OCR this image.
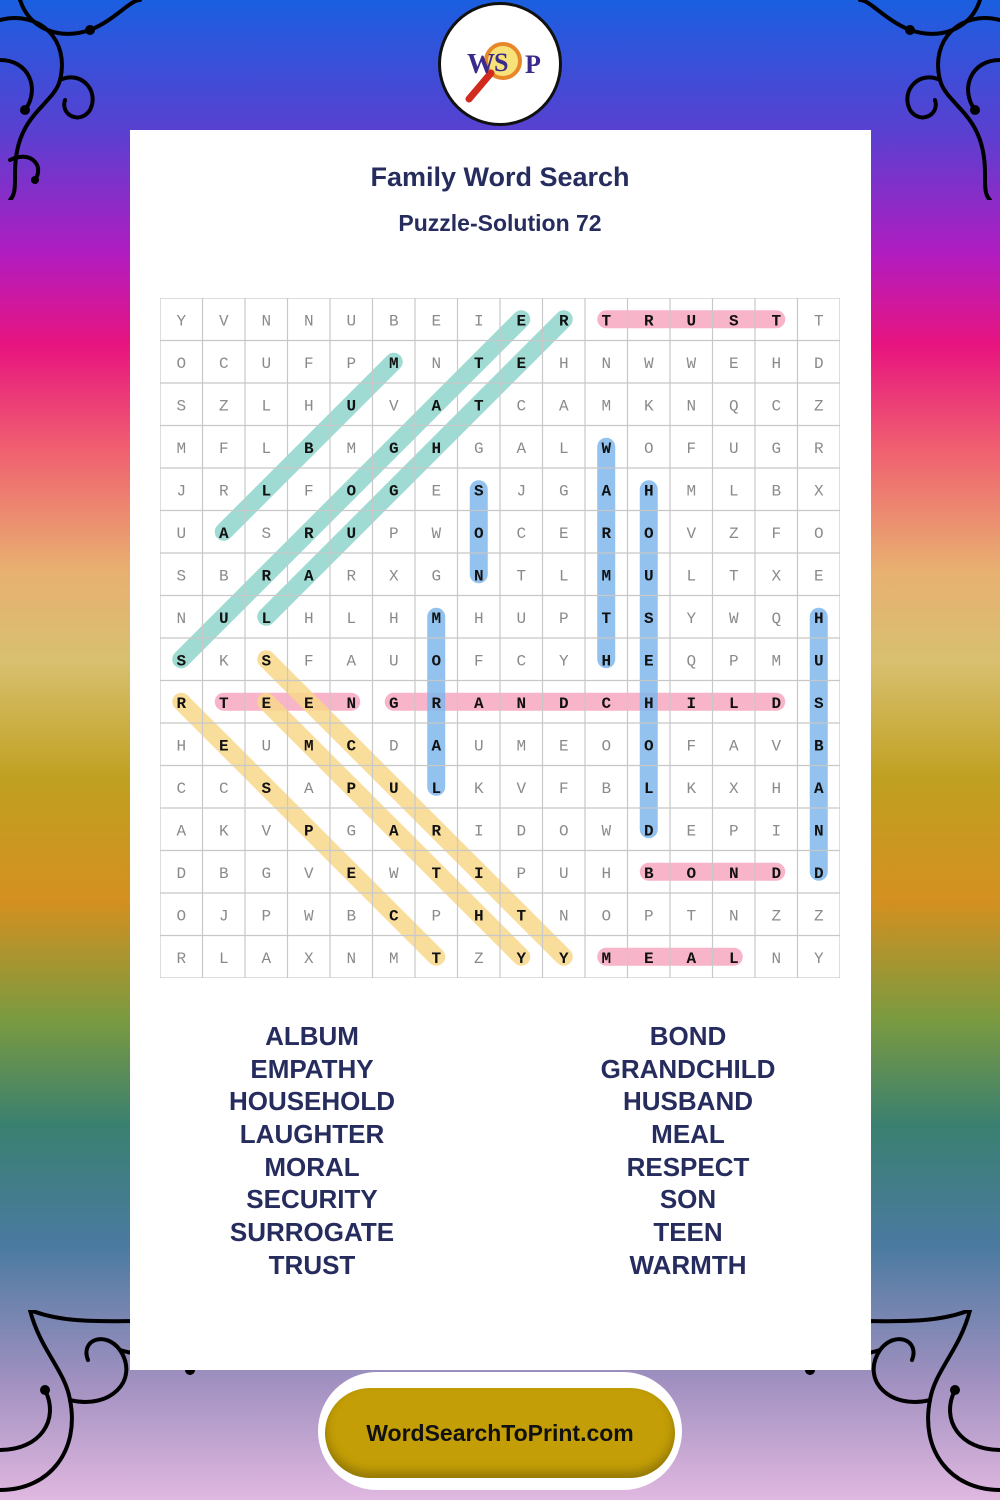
W S P
Family Word Search
Puzzle-Solution 72
Y V N N U B E I E R T R U S T T
O C U F P M N T E H N W W E H D
S Z L H U V A T C A M K N Q C Z
M F L B M G H G A L W O F U G R
J R L F O G E S J G A H M L B X
U A S R U P W O C E R O V Z F O
S B R A R X G N T L M U L T X E
N U L H L H M H U P T S Y W Q H
S K S F A U O F C Y H E Q P M U
R T E E N G R A N D C H I L D S
H E U M C D A U M E O O F A V B
C C S A P U L K V F B L K X H A
A K V P G A R I D O W D E P I N
D B G V E W T I P U H B O N D D
O J P W B C P H T N O P T N Z Z
R L A X N M T Z Y Y M E A L N Y
ALBUM
EMPATHY
HOUSEHOLD
LAUGHTER
MORAL
SECURITY
SURROGATE
TRUST
BOND
GRANDCHILD
HUSBAND
MEAL
RESPECT
SON
TEEN
WARMTH
WordSearchToPrint.com
